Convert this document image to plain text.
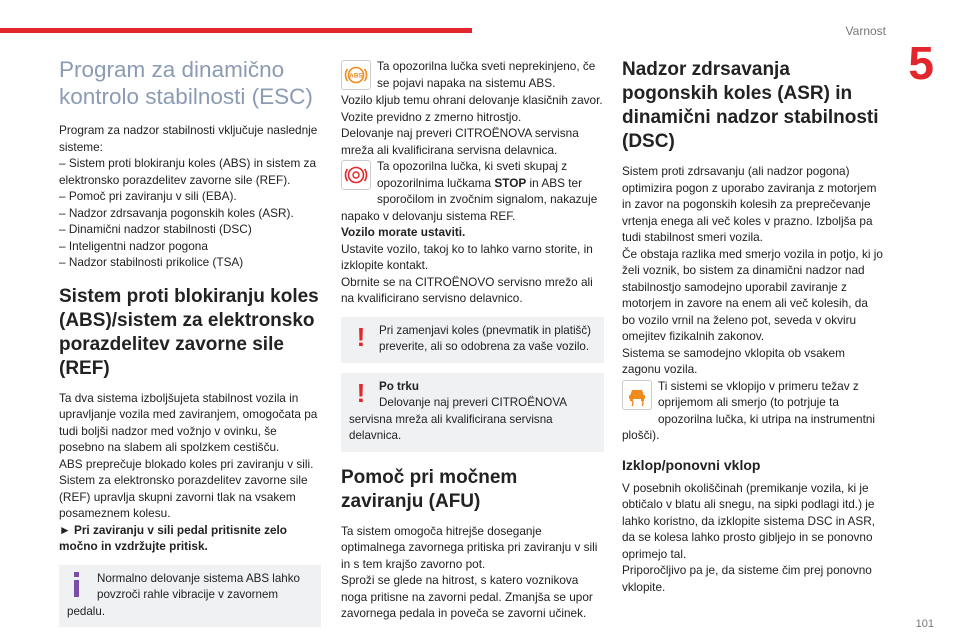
Varnost
5
Program za dinamično kontrolo stabilnosti (ESC)
Program za nadzor stabilnosti vključuje naslednje sisteme:
– Sistem proti blokiranju koles (ABS) in sistem za elektronsko porazdelitev zavorne sile (REF).
– Pomoč pri zaviranju v sili (EBA).
– Nadzor zdrsavanja pogonskih koles (ASR).
– Dinamični nadzor stabilnosti (DSC)
– Inteligentni nadzor pogona
– Nadzor stabilnosti prikolice (TSA)
Sistem proti blokiranju koles (ABS)/sistem za elektronsko porazdelitev zavorne sile (REF)
Ta dva sistema izboljšujeta stabilnost vozila in upravljanje vozila med zaviranjem, omogočata pa tudi boljši nadzor med vožnjo v ovinku, še posebno na slabem ali spolzkem cestišču.
ABS preprečuje blokado koles pri zaviranju v sili.
Sistem za elektronsko porazdelitev zavorne sile (REF) upravlja skupni zavorni tlak na vsakem posameznem kolesu.
► Pri zaviranju v sili pedal pritisnite zelo močno in vzdržujte pritisk.
Normalno delovanje sistema ABS lahko povzroči rahle vibracije v zavornem pedalu.
ABS
Ta opozorilna lučka sveti neprekinjeno, če se pojavi napaka na sistemu ABS.
Vozilo kljub temu ohrani delovanje klasičnih zavor. Vozite previdno z zmerno hitrostjo.
Delovanje naj preveri CITROËNOVA servisna mreža ali kvalificirana servisna delavnica.
Ta opozorilna lučka, ki sveti skupaj z opozorilnima lučkama STOP in ABS ter sporočilom in zvočnim signalom, nakazuje napako v delovanju sistema REF.
Vozilo morate ustaviti.
Ustavite vozilo, takoj ko to lahko varno storite, in izklopite kontakt.
Obrnite se na CITROËNOVO servisno mrežo ali na kvalificirano servisno delavnico.
!	Pri zamenjavi koles (pnevmatik in platišč) preverite, ali so odobrena za vaše vozilo.
!	Po trku
Delovanje naj preveri CITROËNOVA servisna mreža ali kvalificirana servisna delavnica.
Pomoč pri močnem zaviranju (AFU)
Ta sistem omogoča hitrejše doseganje optimalnega zavornega pritiska pri zaviranju v sili in s tem krajšo zavorno pot.
Sproži se glede na hitrost, s katero voznikova noga pritisne na zavorni pedal. Zmanjša se upor zavornega pedala in poveča se zavorni učinek.
Nadzor zdrsavanja pogonskih koles (ASR) in dinamični nadzor stabilnosti (DSC)
Sistem proti zdrsavanju (ali nadzor pogona) optimizira pogon z uporabo zaviranja z motorjem in zavor na pogonskih kolesih za preprečevanje vrtenja enega ali več koles v prazno. Izboljša pa tudi stabilnost smeri vozila.
Če obstaja razlika med smerjo vozila in potjo, ki jo želi voznik, bo sistem za dinamični nadzor nad stabilnostjo samodejno uporabil zaviranje z motorjem in zavore na enem ali več kolesih, da bo vozilo vrnil na želeno pot, seveda v okviru omejitev fizikalnih zakonov.
Sistema se samodejno vklopita ob vsakem zagonu vozila.
Ti sistemi se vklopijo v primeru težav z oprijemom ali smerjo (to potrjuje ta opozorilna lučka, ki utripa na instrumentni plošči).
Izklop/ponovni vklop
V posebnih okoliščinah (premikanje vozila, ki je obtičalo v blatu ali snegu, na sipki podlagi itd.) je lahko koristno, da izklopite sistema DSC in ASR, da se kolesa lahko prosto gibljejo in se ponovno oprimejo tal.
Priporočljivo pa je, da sisteme čim prej ponovno vklopite.
101
